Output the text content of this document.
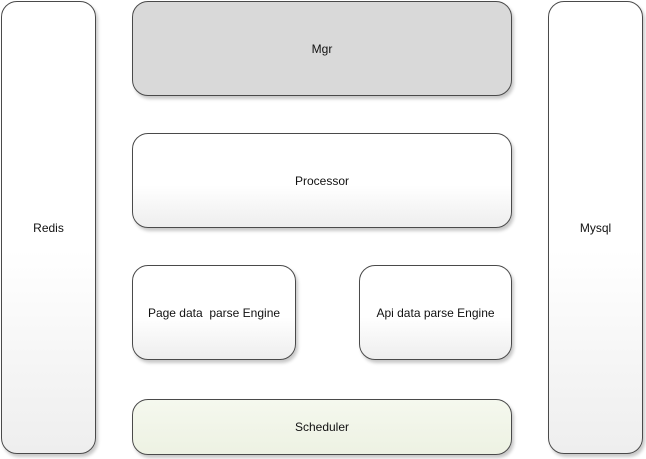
Redis
Mgr
Processor
Page data  parse Engine	Api data parse Engine
Scheduler
Mysql
